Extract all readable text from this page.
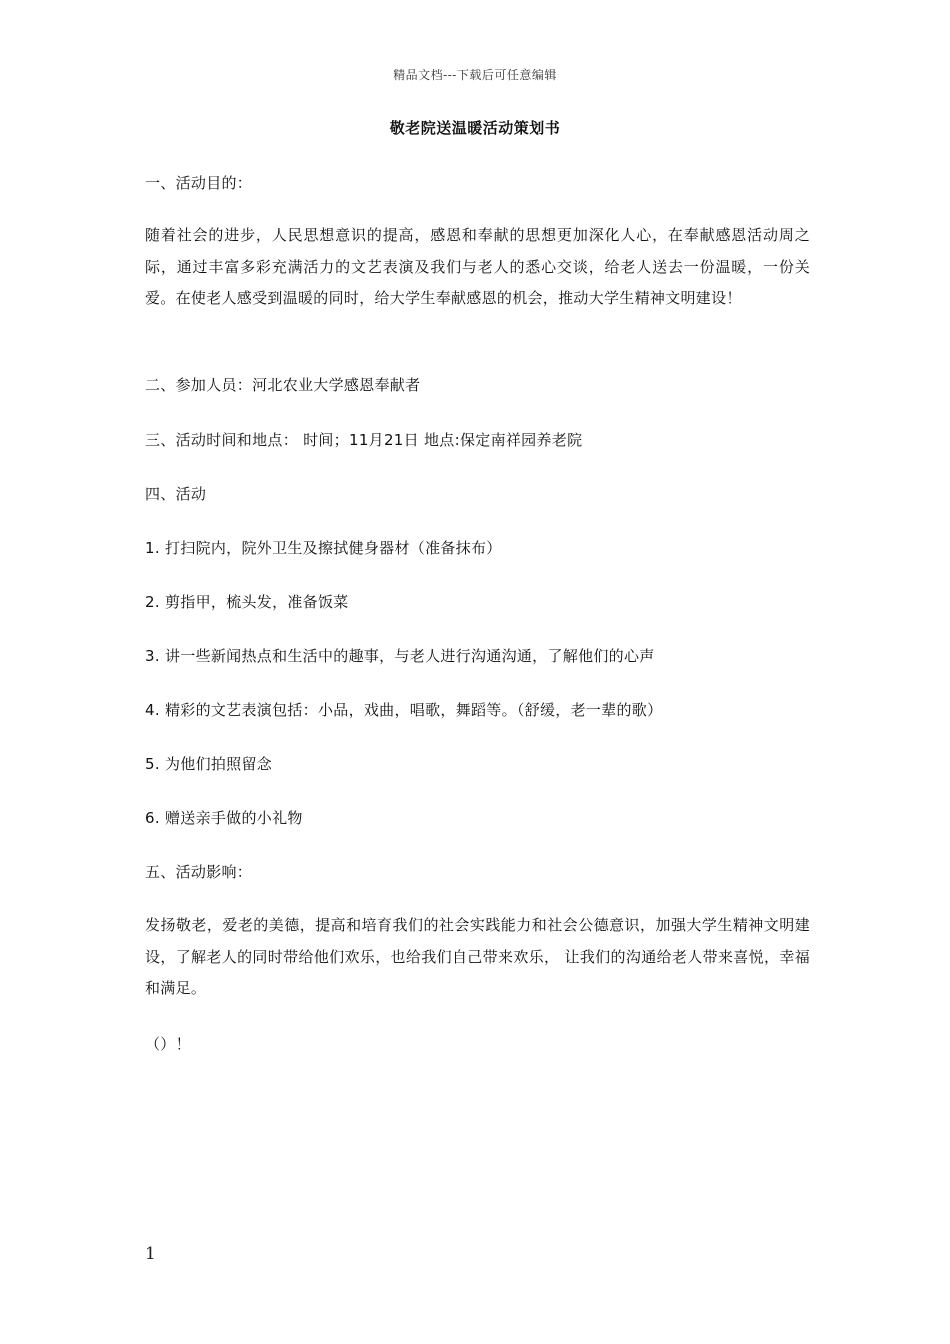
精品文档---下载后可任意编辑
敬老院送温暖活动策划书
一、活动目的：
随着社会的进步，人民思想意识的提高，感恩和奉献的思想更加深化人心，在奉献感恩活动周之际，通过丰富多彩充满活力的文艺表演及我们与老人的悉心交谈，给老人送去一份温暖，一份关爱。在使老人感受到温暖的同时，给大学生奉献感恩的机会，推动大学生精神文明建设！
二、参加人员：河北农业大学感恩奉献者
三、活动时间和地点： 时间；11月21日 地点:保定南祥园养老院
四、活动
1. 打扫院内，院外卫生及擦拭健身器材（准备抹布）
2. 剪指甲，梳头发，准备饭菜
3. 讲一些新闻热点和生活中的趣事，与老人进行沟通沟通，了解他们的心声
4. 精彩的文艺表演包括：小品，戏曲，唱歌，舞蹈等。（舒缓，老一辈的歌）
5. 为他们拍照留念
6. 赠送亲手做的小礼物
五、活动影响：
发扬敬老，爱老的美德，提高和培育我们的社会实践能力和社会公德意识，加强大学生精神文明建设，了解老人的同时带给他们欢乐，也给我们自己带来欢乐， 让我们的沟通给老人带来喜悦，幸福和满足。
（）！
1
